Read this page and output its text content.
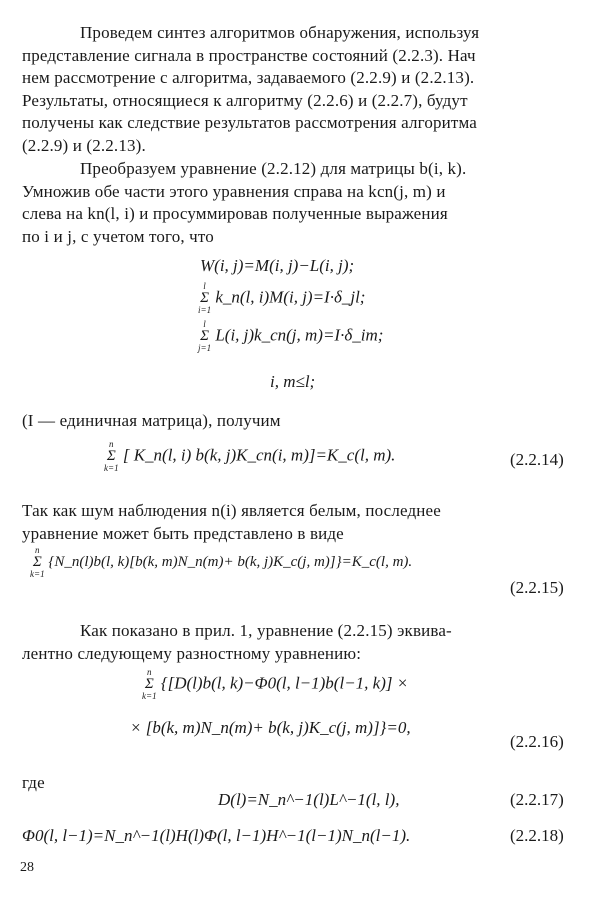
Проведем синтез алгоритмов обнаружения, используя
представление сигнала в пространстве состояний (2.2.3). Нач
нем рассмотрение с алгоритма, задаваемого (2.2.9) и (2.2.13).
Результаты, относящиеся к алгоритму (2.2.6) и (2.2.7), будут
получены как следствие результатов рассмотрения алгоритма
(2.2.9) и (2.2.13).
Преобразуем уравнение (2.2.12) для матрицы b(i, k).
Умножив обе части этого уравнения справа на kcn(j, m) и
слева на kn(l, i) и просуммировав полученные выражения
по i и j, с учетом того, что
W(i, j)=M(i, j)−L(i, j);
l
Σ
i=1
k_n(l, i)M(i, j)=I·δ_jl;
l
Σ
j=1
L(i, j)k_cn(j, m)=I·δ_im;
i, m≤l;
(I — единичная матрица), получим
n
Σ
k=1
[ K_n(l, i) b(k, j)K_cn(i, m)]=K_c(l, m).	(2.2.14)
Так как шум наблюдения n(i) является белым, последнее
уравнение может быть представлено в виде
n
Σ
k=1
{N_n(l)b(l, k)[b(k, m)N_n(m)+ b(k, j)K_c(j, m)]}=K_c(l, m).
(2.2.15)
Как показано в прил. 1, уравнение (2.2.15) эквива-
лентно следующему разностному уравнению:
n
Σ
k=1
{[D(l)b(l, k)−Φ0(l, l−1)b(l−1, k)] ×
× [b(k, m)N_n(m)+ b(k, j)K_c(j, m)]}=0,
(2.2.16)
где
D(l)=N_n^−1(l)L^−1(l, l),	(2.2.17)
Φ0(l, l−1)=N_n^−1(l)H(l)Φ(l, l−1)H^−1(l−1)N_n(l−1).	(2.2.18)
28
